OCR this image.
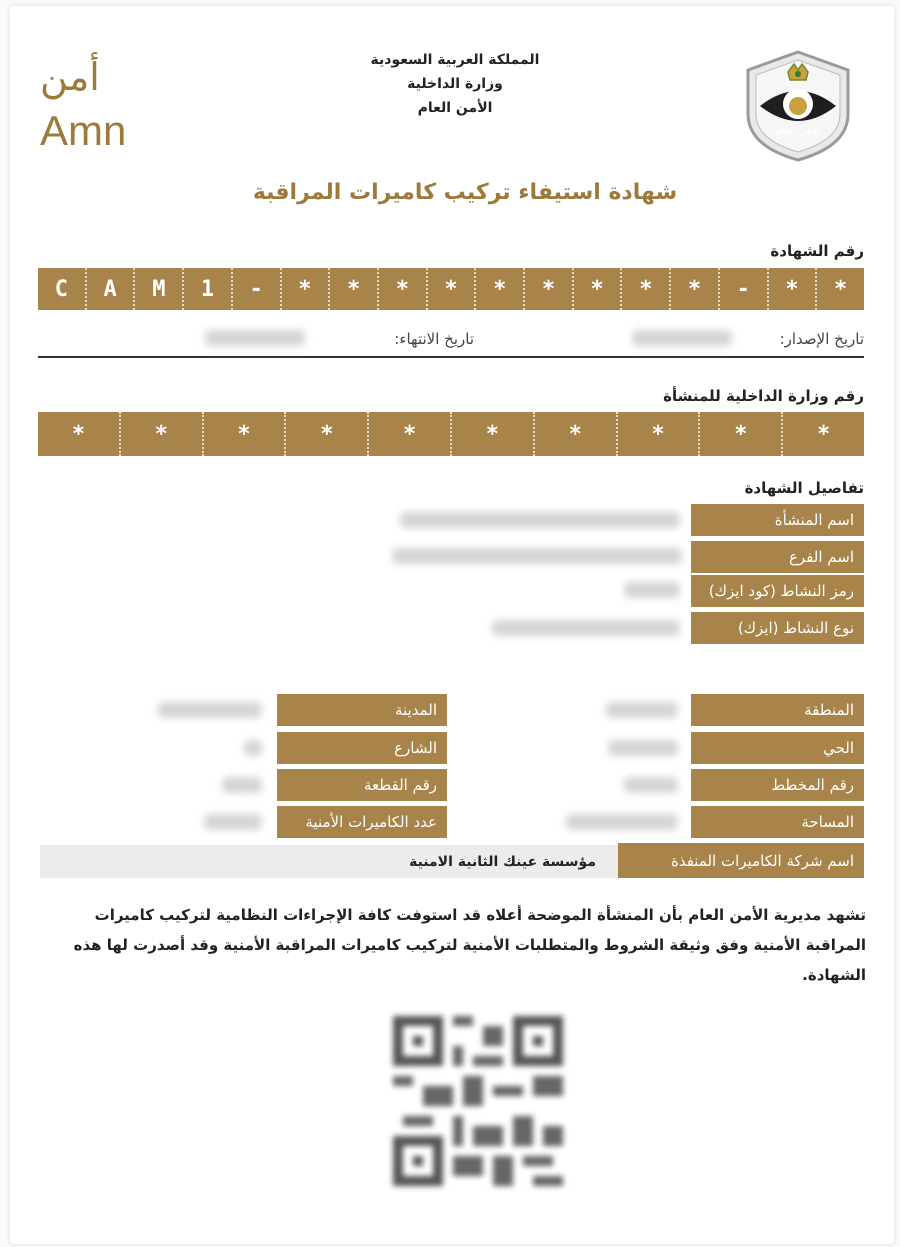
أمن
Amn
المملكة العربية السعودية
وزارة الداخلية
الأمن العام
الأمن العام
شهادة استيفاء تركيب كاميرات المراقبة
رقم الشهادة
*
*
-
*
*
*
*
*
*
*
*
*
-
1
M
A
C
تاريخ الإصدار:
تاريخ الانتهاء:
رقم وزارة الداخلية للمنشأة
*
*
*
*
*
*
*
*
*
*
تفاصيل الشهادة
اسم المنشأة
اسم الفرع
رمز النشاط (كود ايزك)
نوع النشاط (ايزك)
المنطقة
الحي
رقم المخطط
المساحة
المدينة
الشارع
رقم القطعة
عدد الكاميرات الأمنية
اسم شركة الكاميرات المنفذة
مؤسسة عينك الثانية الامنية
تشهد مديرية الأمن العام بأن المنشأة الموضحة أعلاه قد استوفت كافة الإجراءات النظامية لتركيب كاميرات المراقبة الأمنية وفق وثيقة الشروط والمتطلبات الأمنية لتركيب كاميرات المراقبة الأمنية وقد أصدرت لها هذه الشهادة.
